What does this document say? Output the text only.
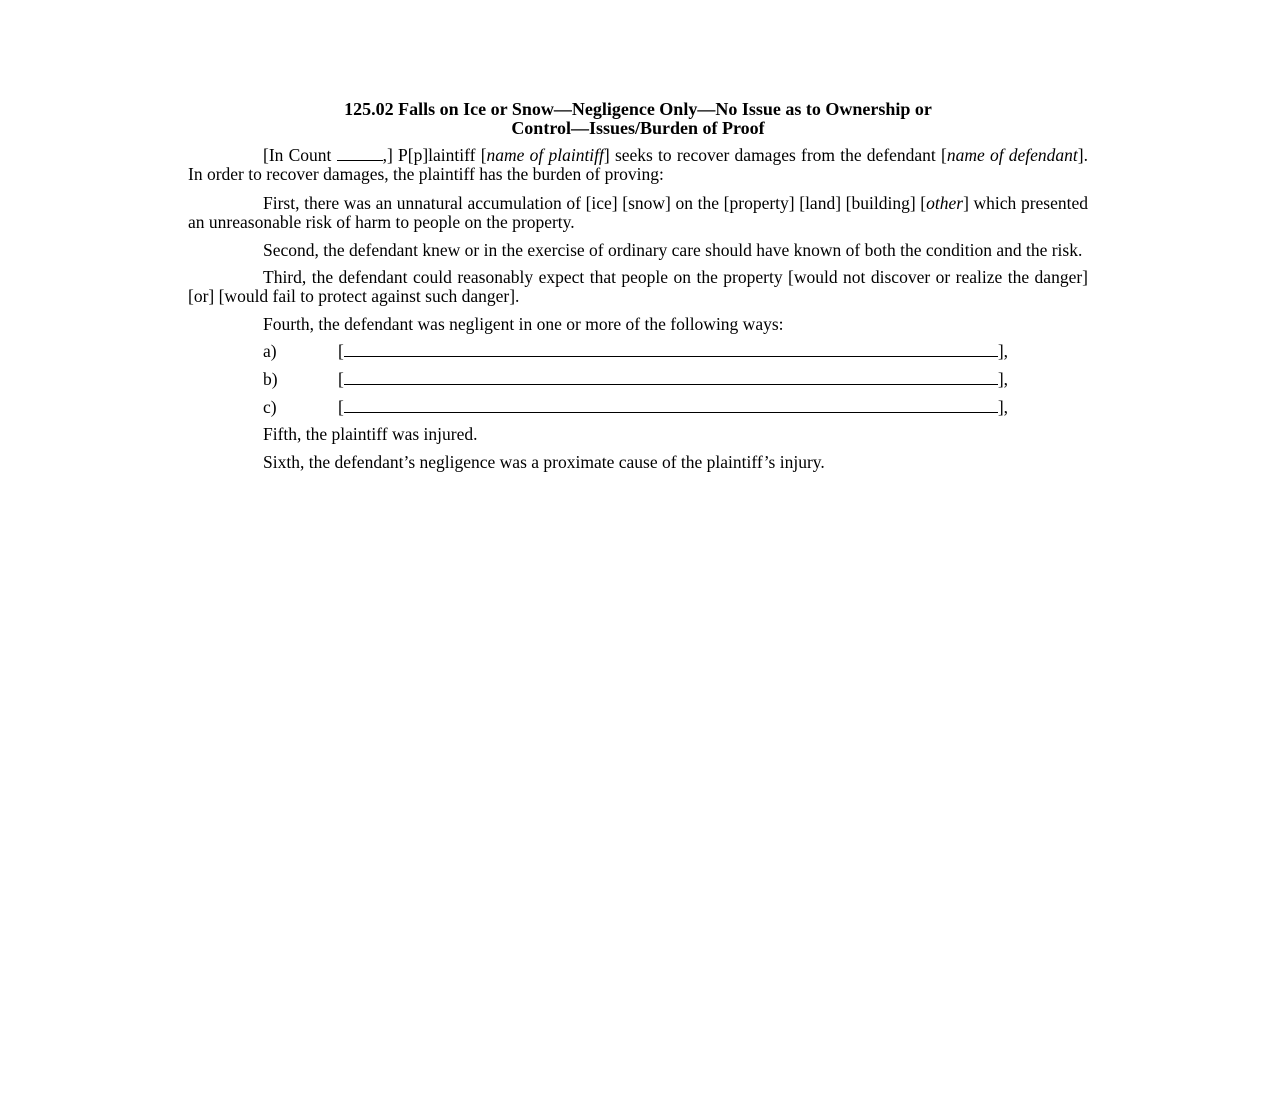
125.02 Falls on Ice or Snow—Negligence Only—No Issue as to Ownership or
Control—Issues/Burden of Proof

[In Count	,] P[p]laintiff [name of plaintiff] seeks to recover damages from the defendant [name of defendant]. In order to recover damages, the plaintiff has the burden of proving:

First, there was an unnatural accumulation of [ice] [snow] on the [property] [land] [building] [other] which presented an unreasonable risk of harm to people on the property.

Second, the defendant knew or in the exercise of ordinary care should have known of both the condition and the risk.

Third, the defendant could reasonably expect that people on the property [would not discover or realize the danger] [or] [would fail to protect against such danger].

Fourth, the defendant was negligent in one or more of the following ways:

a)	[	],
b)	[	],
c)	[	],

Fifth, the plaintiff was injured.

Sixth, the defendant’s negligence was a proximate cause of the plaintiff’s injury.
